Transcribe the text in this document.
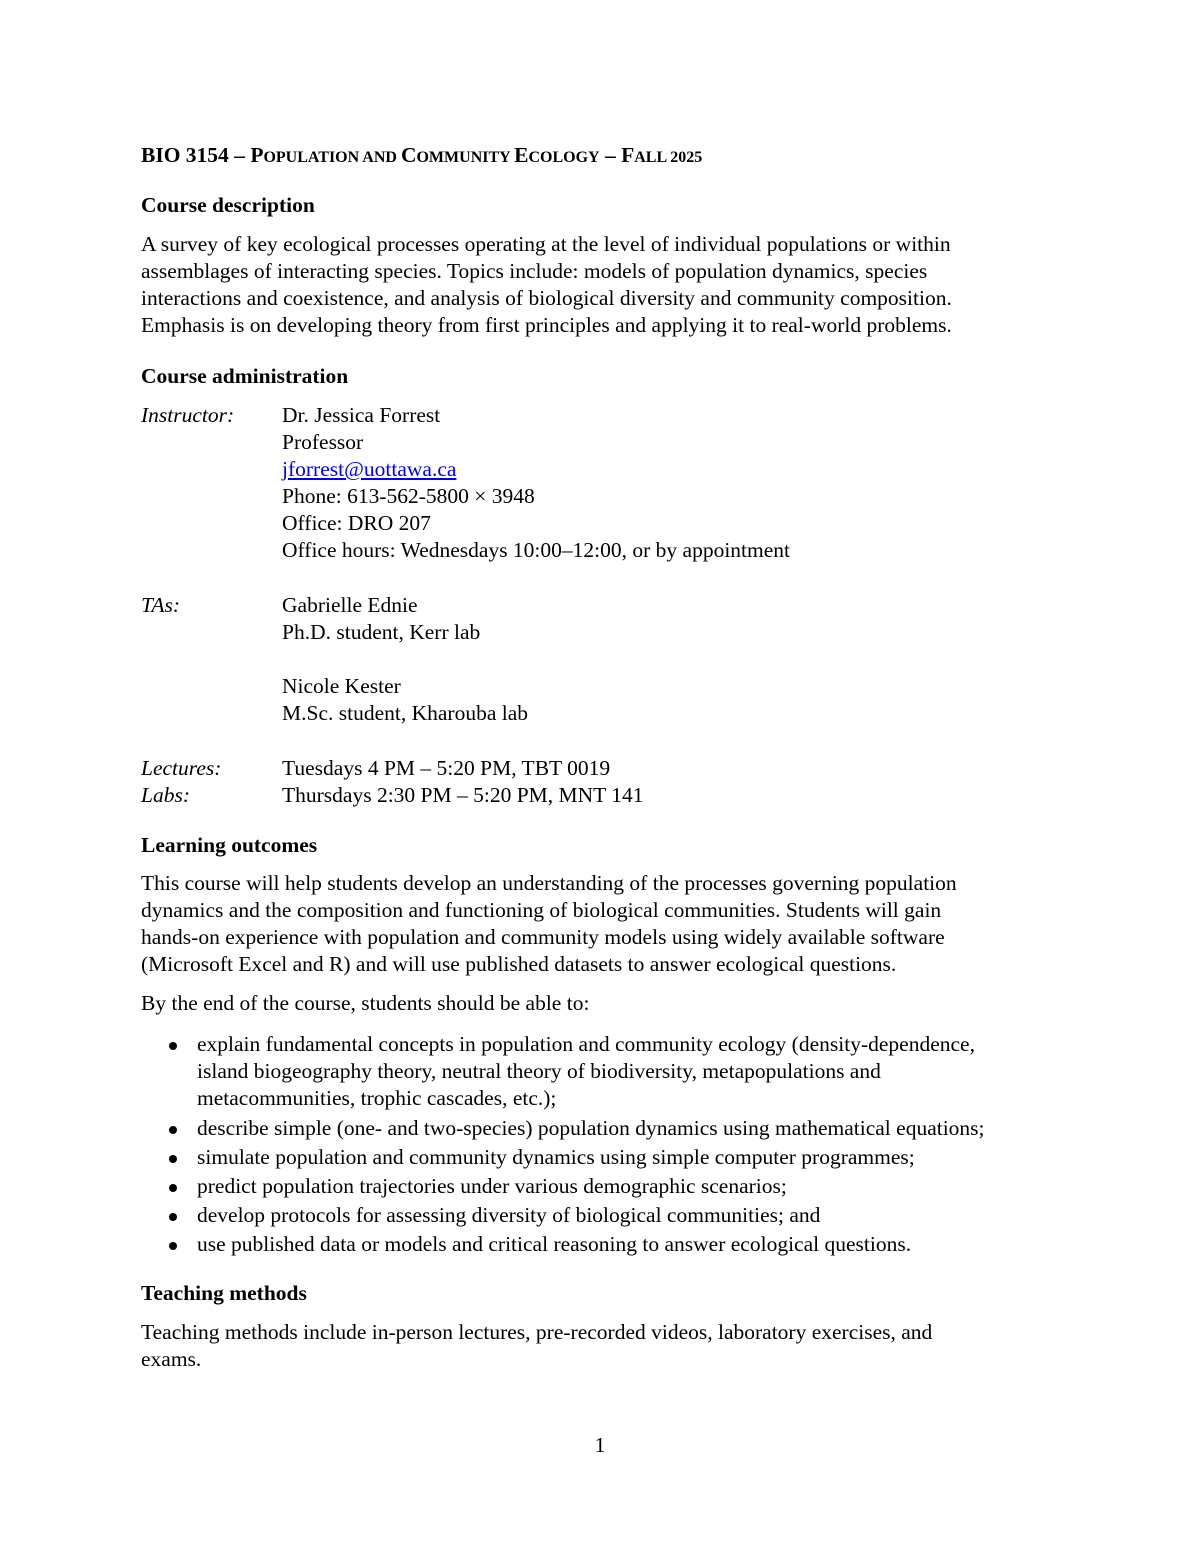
BIO 3154 – POPULATION AND COMMUNITY ECOLOGY – FALL 2025
Course description
A survey of key ecological processes operating at the level of individual populations or within
assemblages of interacting species. Topics include: models of population dynamics, species
interactions and coexistence, and analysis of biological diversity and community composition.
Emphasis is on developing theory from first principles and applying it to real-world problems.
Course administration
Instructor: Dr. Jessica Forrest
Professor
jforrest@uottawa.ca
Phone: 613-562-5800 × 3948
Office: DRO 207
Office hours: Wednesdays 10:00–12:00, or by appointment
TAs:	Gabrielle Ednie
Ph.D. student, Kerr lab
Nicole Kester
M.Sc. student, Kharouba lab
Lectures:	Tuesdays 4 PM – 5:20 PM, TBT 0019
Labs:	Thursdays 2:30 PM – 5:20 PM, MNT 141
Learning outcomes
This course will help students develop an understanding of the processes governing population
dynamics and the composition and functioning of biological communities. Students will gain
hands-on experience with population and community models using widely available software
(Microsoft Excel and R) and will use published datasets to answer ecological questions.
By the end of the course, students should be able to:
explain fundamental concepts in population and community ecology (density-dependence,
island biogeography theory, neutral theory of biodiversity, metapopulations and
metacommunities, trophic cascades, etc.);
describe simple (one- and two-species) population dynamics using mathematical equations;
simulate population and community dynamics using simple computer programmes;
predict population trajectories under various demographic scenarios;
develop protocols for assessing diversity of biological communities; and
use published data or models and critical reasoning to answer ecological questions.
Teaching methods
Teaching methods include in-person lectures, pre-recorded videos, laboratory exercises, and
exams.
1
